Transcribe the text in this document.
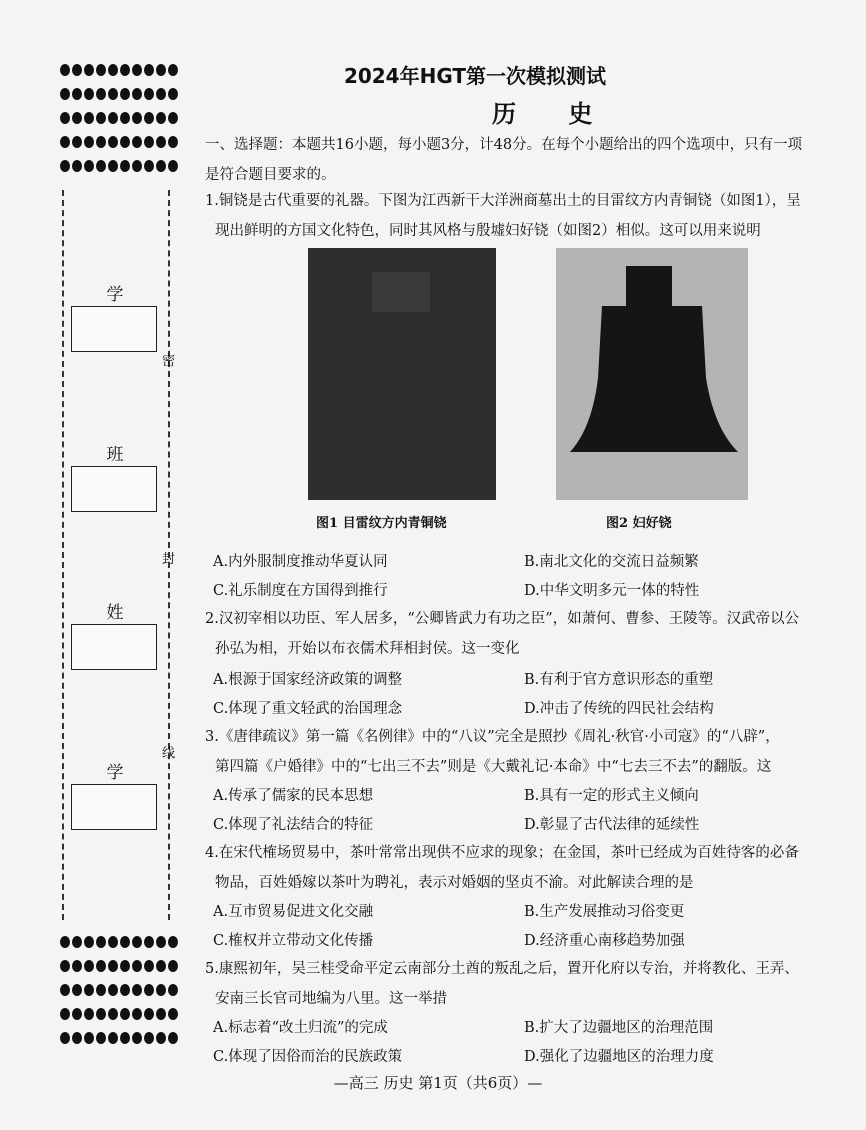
密
封
线
学
班
姓
学
2024年HGT第一次模拟测试
历 史
一、选择题：本题共16小题，每小题3分，计48分。在每个小题给出的四个选项中，只有一项
是符合题目要求的。
1.铜铙是古代重要的礼器。下图为江西新干大洋洲商墓出土的目雷纹方内青铜铙（如图1），呈
现出鲜明的方国文化特色，同时其风格与殷墟妇好铙（如图2）相似。这可以用来说明
图1 目雷纹方内青铜铙	图2 妇好铙
A.内外服制度推动华夏认同	B.南北文化的交流日益频繁
C.礼乐制度在方国得到推行	D.中华文明多元一体的特性
2.汉初宰相以功臣、军人居多，“公卿皆武力有功之臣”，如萧何、曹参、王陵等。汉武帝以公
孙弘为相，开始以布衣儒术拜相封侯。这一变化
A.根源于国家经济政策的调整	B.有利于官方意识形态的重塑
C.体现了重文轻武的治国理念	D.冲击了传统的四民社会结构
3.《唐律疏议》第一篇《名例律》中的“八议”完全是照抄《周礼·秋官·小司寇》的“八辟”，
第四篇《户婚律》中的“七出三不去”则是《大戴礼记·本命》中“七去三不去”的翻版。这
A.传承了儒家的民本思想	B.具有一定的形式主义倾向
C.体现了礼法结合的特征	D.彰显了古代法律的延续性
4.在宋代榷场贸易中，茶叶常常出现供不应求的现象；在金国，茶叶已经成为百姓待客的必备
物品，百姓婚嫁以茶叶为聘礼，表示对婚姻的坚贞不渝。对此解读合理的是
A.互市贸易促进文化交融	B.生产发展推动习俗变更
C.榷权并立带动文化传播	D.经济重心南移趋势加强
5.康熙初年，吴三桂受命平定云南部分土酋的叛乱之后，置开化府以专治，并将教化、王弄、
安南三长官司地编为八里。这一举措
A.标志着“改土归流”的完成	B.扩大了边疆地区的治理范围
C.体现了因俗而治的民族政策	D.强化了边疆地区的治理力度
—高三 历史 第1页（共6页）—
